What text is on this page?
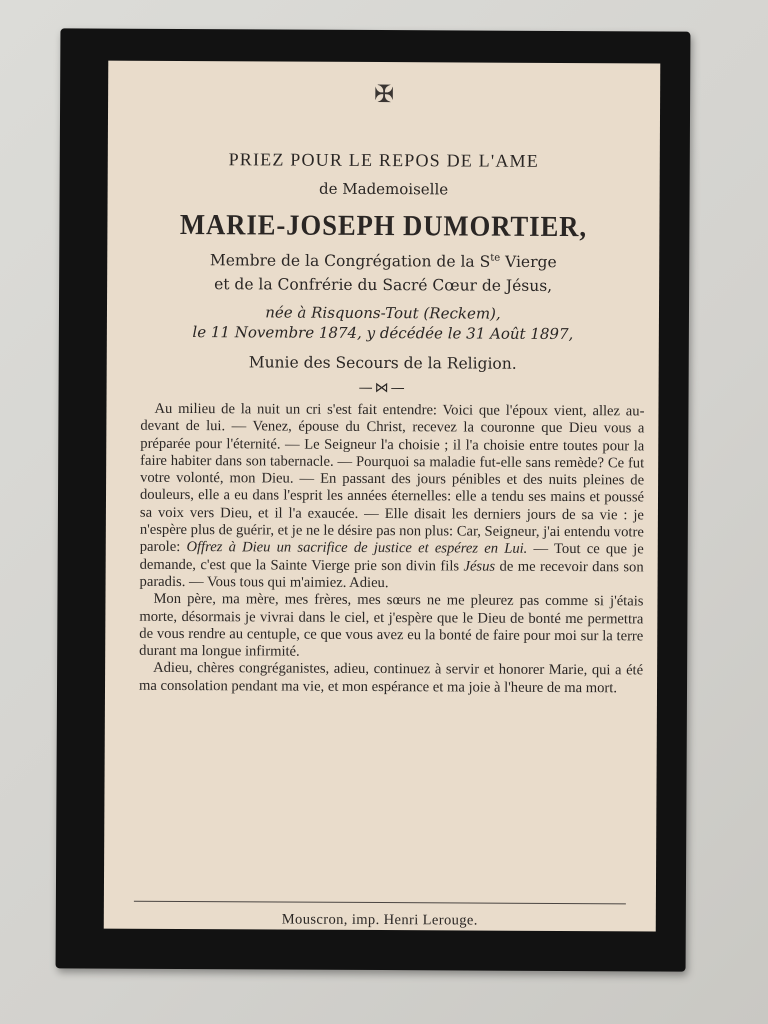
✠
PRIEZ POUR LE REPOS DE L'AME
de Mademoiselle
MARIE-JOSEPH DUMORTIER,
Membre de la Congrégation de la $S^{te}$ Vierge
et de la Confrérie du Sacré Cœur de Jésus,
née à Risquons-Tout (Reckem),
le 11 Novembre 1874, y décédée le 31 Août 1897,
Munie des Secours de la Religion.
—⋈—

Au milieu de la nuit un cri s'est fait entendre: Voici que l'époux vient, allez au-devant de lui. — Venez, épouse du Christ, recevez la couronne que Dieu vous a préparée pour l'éternité. — Le Seigneur l'a choisie ; il l'a choisie entre toutes pour la faire habiter dans son tabernacle. — Pourquoi sa maladie fut-elle sans remède? Ce fut votre volonté, mon Dieu. — En passant des jours pénibles et des nuits pleines de douleurs, elle a eu dans l'esprit les années éternelles: elle a tendu ses mains et poussé sa voix vers Dieu, et il l'a exaucée. — Elle disait les derniers jours de sa vie : je n'espère plus de guérir, et je ne le désire pas non plus: Car, Seigneur, j'ai entendu votre parole: Offrez à Dieu un sacrifice de justice et espérez en Lui. — Tout ce que je demande, c'est que la Sainte Vierge prie son divin fils Jésus de me recevoir dans son paradis. — Vous tous qui m'aimiez. Adieu.

Mon père, ma mère, mes frères, mes sœurs ne me pleurez pas comme si j'étais morte, désormais je vivrai dans le ciel, et j'espère que le Dieu de bonté me permettra de vous rendre au centuple, ce que vous avez eu la bonté de faire pour moi sur la terre durant ma longue infirmité.

Adieu, chères congréganistes, adieu, continuez à servir et honorer Marie, qui a été ma consolation pendant ma vie, et mon espérance et ma joie à l'heure de ma mort.

Mouscron, imp. Henri Lerouge.
